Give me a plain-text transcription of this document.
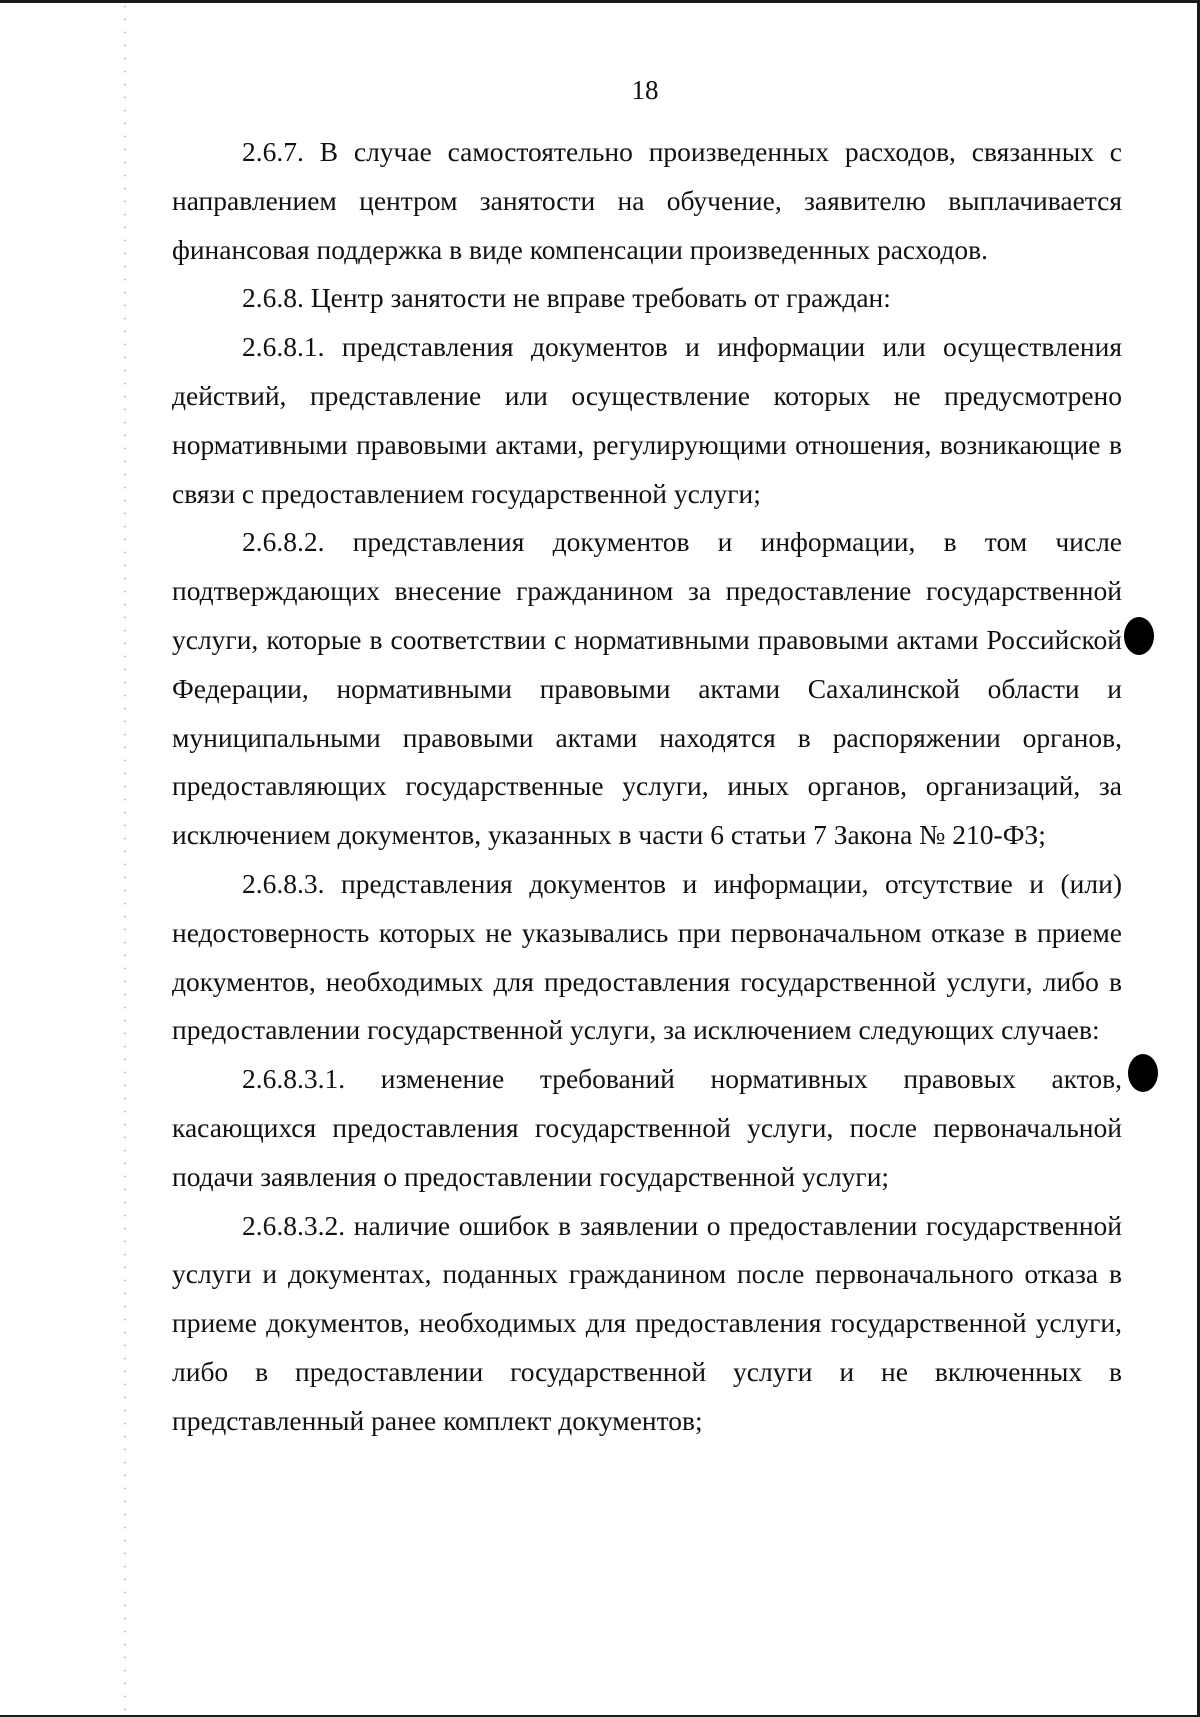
18

2.6.7. В случае самостоятельно произведенных расходов, связанных с направлением центром занятости на обучение, заявителю выплачивается финансовая поддержка в виде компенсации произведенных расходов.

2.6.8. Центр занятости не вправе требовать от граждан:

2.6.8.1. представления документов и информации или осуществления действий, представление или осуществление которых не предусмотрено нормативными правовыми актами, регулирующими отношения, возникающие в связи с предоставлением государственной услуги;

2.6.8.2. представления документов и информации, в том числе подтверждающих внесение гражданином за предоставление государственной услуги, которые в соответствии с нормативными правовыми актами Российской Федерации, нормативными правовыми актами Сахалинской области и муниципальными правовыми актами находятся в распоряжении органов, предоставляющих государственные услуги, иных органов, организаций, за исключением документов, указанных в части 6 статьи 7 Закона № 210-ФЗ;

2.6.8.3. представления документов и информации, отсутствие и (или) недостоверность которых не указывались при первоначальном отказе в приеме документов, необходимых для предоставления государственной услуги, либо в предоставлении государственной услуги, за исключением следующих случаев:

2.6.8.3.1. изменение требований нормативных правовых актов, касающихся предоставления государственной услуги, после первоначальной подачи заявления о предоставлении государственной услуги;

2.6.8.3.2. наличие ошибок в заявлении о предоставлении государственной услуги и документах, поданных гражданином после первоначального отказа в приеме документов, необходимых для предоставления государственной услуги, либо в предоставлении государственной услуги и не включенных в представленный ранее комплект документов;
